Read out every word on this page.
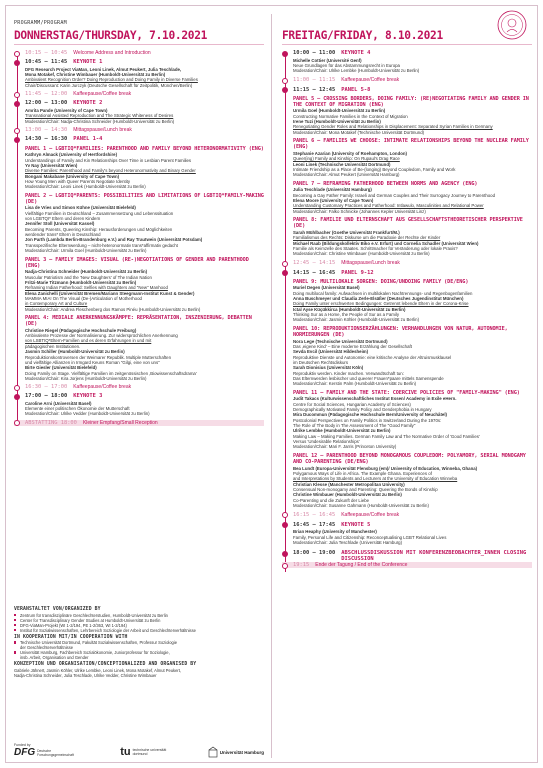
PROGRAMM/PROGRAM
DONNERSTAG/THURSDAY, 7.10.2021
10:15 – 10:45 Welcome Address and Introduction
10:45 – 11:45 KEYNOTE 1
DFG Research Project ViaMan, Leoni Linek, Almut Peukert, Julia Teschlade,
Mona Motakef, Christine Wimbauer (Humboldt-Universität zu Berlin)
Ambivalent Recognition Order? Doing Reproduction and Doing Family in Diverse Families
Chair/Discussant: Karin Jurczyk (Deutsche Gesellschaft für Zeitpolitik, München/Berlin)
11:45 – 12:00 Kaffeepause/Coffee break
12:00 – 13:00 KEYNOTE 2
Amrita Pande (University of Cape Town)
Transnational Assisted Reproduction and The Strategic Whiteness of Desires
Moderation/Chair: Nadja-Christina Schneider (Humboldt-Universität zu Berlin)
13:00 – 14:30 Mittagspause/Lunch break
14:30 – 16:30 PANEL 1-4
PANEL 1 – LGBTIQ*FAMILIES: PARENTHOOD AND FAMILY BEYOND HETERONORMATIVITY (ENG)
Kathryn Almack (University of Hertfordshire)
Understandings of Family and Kin Relationships Over Time in Lesbian Parent Families
Yv Nay (Universität Wien)
Diverse Families: Parenthood and Family's beyond Heteronormativity and Binary Gender
Bongani Makabane (University of Cape Town)
How Young Men with Queer Parents Negotiate Identity
Moderation/Chair: Leoni Linek (Humboldt-Universität zu Berlin)
PANEL 2 – LGBTIQ*PARENTS: POSSIBILITIES AND LIMITATIONS OF LGBTIQ*FAMILY-MAKING (DE)
Lisa de Vries und Simon Kühne (Universität Bielefeld)
Vielfältige Familien in Deutschland – Zusammensetzung und Lebenssituation
von LGBTQI* Eltern und deren Kindern
Jennifer Stoll (Universität Kassel)
Becoming Parents, Queering Kinship: Herausforderungen und Möglichkeiten
werdender trans* Eltern in Deutschland
Jon Parth (Lambda Berlin-Brandenburg e.V.) and Ray Trautwein (Universität Potsdam)
Transspezifische Elternwerdung – nicht-heteronormativ trans*affirmativ gedacht
Moderation/Chair: Urmila Goel (Humboldt-Universität zu Berlin)
PANEL 3 – FAMILY IMAGES: VISUAL (RE-)NEGOTIATIONS OF GENDER AND PARENTHOOD (ENG)
Nadja-Christina Schneider (Humboldt-Universität zu Berlin)
Muscular Patriotism and the 'New Daughters' of The Indian Nation
Fritzi-Marie Titzmann (Humboldt-Universität zu Berlin)
Reframing Indian Fatherhood: Selfies with Daughters and "New" Manhood
Elena Zanichelli (Universität Bremen/Mariann Steegmann-Institut Kunst & Gender)
MAMMA MIA! On The Visual (De-)Articulation of Motherhood
in Contemporary Art and Culture
Moderation/Chair: Andrea Fleschenberg dos Ramos Pinéu (Humboldt-Universität zu Berlin)
PANEL 4: MEDIALE ANERKENNUNGSKÄMPFE: REPRÄSENTATION, INSZENIERUNG, DEBATTEN (DE)
Christine Riegel (Pädagogische Hochschule Freiburg)
Ambivalente Prozesse der Normalisierung. Zur widersprüchlichen Anerkennung
von LSBTIQ*Eltern-Familien und es deren Erfahrungen in und mit
pädagogischen Institutionen.
Jasmin Schiller (Humboldt-Universität zu Berlin)
Reproduktionskontroversen der Weimarer Republik. Multiple Mutterschaften
und vielfältige Allianzen in Irmgard Keuns Roman "Gilgi, eine von uns"
Birte Giesler (Universität Bielefeld)
Doing Family on Stage. Vielfältige Familien im zeitgenössischen ‚Biowissenschaftsdrama'
Moderation/Chair: Kira Jorjens (Humboldt-Universität zu Berlin)
16:30 – 17:00 Kaffeepause/Coffee break
17:00 – 18:00 KEYNOTE 3
Caroline Arni (Universität Basel)
Elemente einer politischen Ökonomie der Mutterschaft
Moderation/Chair: Ulrike Vedder (Humboldt-Universität zu Berlin)
ABSTATTING 18:00 Kleiner Empfang/Small Reception
VERANSTALTET VON/ORGANIZED BY
Zentrum für transdisziplinäre Geschlechterstudien, Humboldt-Universität zu Berlin
Center for Transdisciplinary Gender Studies at Humboldt-Universität zu Berlin
DFG-ViaMan-Projekt (WI 1-2/194, PE 1-2/363, WI 1-2/194)
Institut für Sozialwissenschaften, Lehrbereich Soziologie der Arbeit und Geschlechterverhältnisse
IN KOOPERATION MIT/IN COOPERATION WITH
Technische Universität Dortmund, Fakultät Sozialwissenschaften, Professur Soziologie
der Geschlechterverhältnisse
Universität Hamburg, Fachbereich Sozialökonomie, Juniorprofessur für Soziologie,
insb. Arbeit, Organisation und Gender
KONZEPTION UND ORGANISATION/CONCEPTIONALIZED AND ORGANISED BY
Gabriele Jähnert, Jasmin Köhler, Ulrike Lembke, Leoni Linek, Mona Motakef, Almut Peukert,
Nadja-Christina Schneider, Julia Teschlade, Ulrike Vedder, Christine Wimbauer
Funded by
DFG Deutsche Forschungsgemeinschaft	tu technische universität dortmund	Universität Hamburg
FREITAG/FRIDAY, 8.10.2021
10:00 – 11:00 KEYNOTE 4
Michelle Cottier (Université Genf)
Neue Grundlagen für das Abstammungsrecht in Europa
Moderation/Chair: Ulrike Lembke (Humboldt-Universität zu Berlin)
11:00 – 11:15 Kaffeepause/Coffee break
11:15 – 12:45 PANEL 5-8
PANEL 5 – CROSSING BORDERS, DOING FAMILY: (RE)NEGOTIATING FAMILY AND GENDER IN THE CONTEXT OF MIGRATION (ENG)
Urmila Goel (Humboldt-Universität zu Berlin)
Constructing Normative Families in the Context of Migration
Irene Tuzi (Humboldt-Universität zu Berlin)
Renegotiating Gender Roles and Relationships in Displacement: Separated Syrian Families in Germany
Moderation/Chair: Mona Motakef (Technische Universität Dortmund)
PANEL 6 – FAMILIES WE CHOOSE: INTIMATE RELATIONSHIPS BEYOND THE NUCLEAR FAMILY (ENG)
Stephanie Azarian (University of Roehampton, London)
Queer(ing) Family and Kinship: On Rupaul's Drag Race
Leoni Linek (Technische Universität Dortmund)
Intimate Friendship as a Place of Be-(longing) Beyond Coupledom, Family and Work
Moderation/Chair: Almut Peukert (Universität Hamburg)
PANEL 7 – REFRAMING FATHERHOOD BETWEEN NORMS AND AGENCY (ENG)
Julia Teschlade (Universität Hamburg)
Becoming a Gay Father Family: Israeli and German Couples and Their Surrogacy Journey to Parenthood
Elena Moore (University of Cape Town)
Understanding Customary Practices and Fatherhood: Intlawulo, Masculinities and Relational Power
Moderation/Chair: Falko Schnicke (Johannes Kepler Universität Linz)
PANEL 8: FAMILIE UND ELTERNSCHAFT AUS GESELLSCHAFTSTHEORETISCHER PERSPEKTIVE (DE)
Sarah Mühlbacher (Goethe Universität Frankfurt/M.)
Familialismus des Rechts: Diskurse um die Paradoxie der Rechte der Kinder
Michael Raab (Bildungskollektiv Biko e.V. Erfurt) und Cornelia Schadler (Universität Wien)
Familie als Keimzelle des Staates. Schrittmacher für Veränderung oder lokale Praxis?
Moderation/Chair: Christine Wimbauer (Humboldt-Universität zu Berlin)
12:45 – 14:15 Mittagspause/Lunch break
14:15 – 16:45 PANEL 9-12
PANEL 9: MULTILOKALE SORGEN: DOING/UNDOING FAMILY (DE/ENG)
Muriel Degen (Universität Basel)
Doing multilocal family: Aufwachsen in multilokalen Nachtrennungs- und Regenbogenfamilien
Anna Buschmeyer und Claudia Zerle-Elsäßer (Deutsches Jugendinstitut München)
Doing Family unter erschwerten Bedingungen: Getrennt lebende Eltern in der Corona-Krise
Ictal Ayse Küçükkirca (Humboldt-Universität zu Berlin)
Thinking Sur as a Home, the People of Sur as a Family
Moderation/Chair: Jasmin Köhler (Humboldt-Universität zu Berlin)
PANEL 10: REPRODUKTIONSERZÄHLUNGEN: VERHANDLUNGEN VON NATUR, AUTONOMIE, NORMIERUNGEN (DE)
Nora Lege (Technische Universität Dortmund)
Das ‚eigene Kind' – Eine moderne Erzählung der Gesellschaft
Sevda Evcil (Universität Hildesheim)
Reproduktive Dienste und Autonomie: eine kritische Analyse der Altruismusklausel
im Deutschen Rechtsdiskurs
Sarah Dionisius (Universität Köln)
Reproduktiv werden. Kinder machen. Verwandtschaft tun:
Das Elternwerden lesbischer und queerer Frauen*paare mittels Samenspende
Moderation/Chair: Kerstin Palm (Humboldt-Universität zu Berlin)
PANEL 11 – FAMILY AND THE STATE: COERCIVE POLICIES OF "FAMILY-MAKING" (ENG)
Judit Takacs (Kulturwissenschaftliches Institut Essen/ Academy in Exile eHern.
Centre for Social Sciences, Hungarian Academy of Sciences)
Demographically Motivated Family Policy and Genderphobia in Hungary
Mira Ducommun (Pädagogische Hochschule Bern/University of Neuchâtel)
Postcolonial Perspectives on Family Politics in Switzerland During the 1970s:
The Role of The Body in The Assessment of The "Good Family"
Ulrike Lembke (Humboldt-Universität zu Berlin)
Making Law – Making Families. German Family Law and The Normative Order of 'Good Families'
Versus 'Undesirable Relationships'
Moderation/Chair: Mari F. Jarris (Princeton University)
PANEL 12 – PARENTHOOD BEYOND MONOGAMOUS COUPLEDOM: POLYAMORY, SERIAL MONOGAMY AND CO-PARENTING (DE/ENG)
Bea Lundt (Europa-Universität Flensburg (em)/ University of Education, Winneba, Ghana)
Polygamous Ways of Life in Africa. The Example Ghana. Experiences of
and Interpretations by Students and Lecturers at the University of Education Winneba
Christian Klesse (Manchester Metropolitan University)
Consensual Non-monogamy and Parenting: Queering the Bonds of Kinship
Christine Wimbauer (Humboldt-Universität zu Berlin)
Co-Parenting und die Zukunft der Liebe
Moderation/Chair: Susanne Gahmann (Humboldt-Universität zu Berlin)
16:15 – 16:45 Kaffeepause/Coffee break
16:45 – 17:45 KEYNOTE 5
Brian Heaphy (University of Manchester)
Family, Personal Life and Citizenship: Reconceptualising LGBT Relational Lives
Moderation/Chair: Julia Teschlade (Universität Hamburg)
18:00 – 19:00 ABSCHLUSSDISKUSSION MIT KONFERENZBEOBACHTER_INNEN CLOSING DISCUSSION
19:15 Ende der Tagung / End of the Conference
